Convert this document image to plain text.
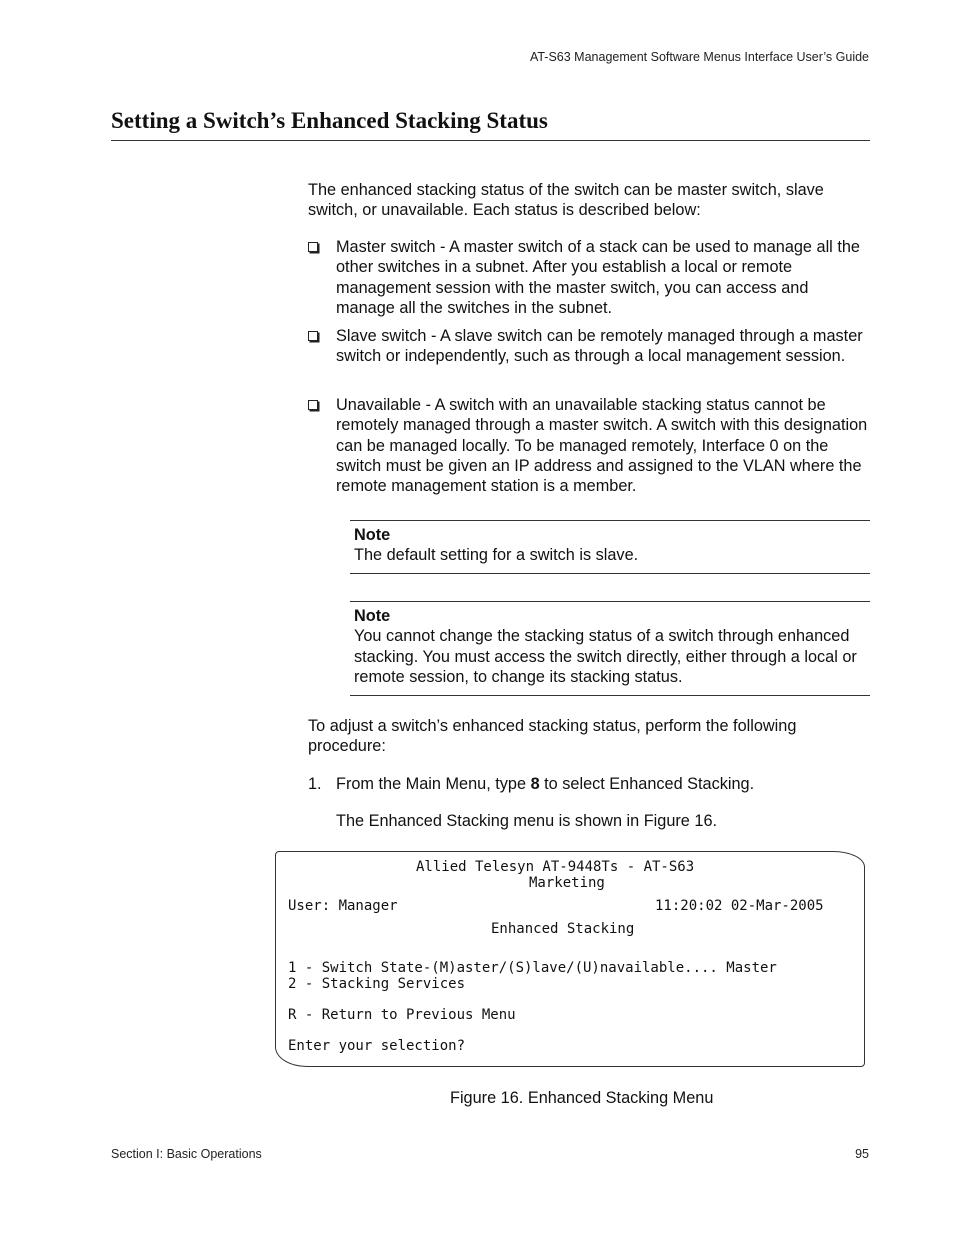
AT-S63 Management Software Menus Interface User’s Guide
Setting a Switch’s Enhanced Stacking Status
The enhanced stacking status of the switch can be master switch, slave switch, or unavailable. Each status is described below:
Master switch - A master switch of a stack can be used to manage all the other switches in a subnet. After you establish a local or remote management session with the master switch, you can access and manage all the switches in the subnet.
Slave switch - A slave switch can be remotely managed through a master switch or independently, such as through a local management session.
Unavailable - A switch with an unavailable stacking status cannot be remotely managed through a master switch. A switch with this designation can be managed locally. To be managed remotely, Interface 0 on the switch must be given an IP address and assigned to the VLAN where the remote management station is a member.
Note
The default setting for a switch is slave.
Note
You cannot change the stacking status of a switch through enhanced stacking. You must access the switch directly, either through a local or remote session, to change its stacking status.
To adjust a switch’s enhanced stacking status, perform the following procedure:
1. From the Main Menu, type 8 to select Enhanced Stacking.
The Enhanced Stacking menu is shown in Figure 16.
Allied Telesyn AT-9448Ts - AT-S63
Marketing
User: Manager	11:20:02 02-Mar-2005
Enhanced Stacking
1 - Switch State-(M)aster/(S)lave/(U)navailable.... Master
2 - Stacking Services
R - Return to Previous Menu
Enter your selection?
Figure 16. Enhanced Stacking Menu
Section I: Basic Operations	95
